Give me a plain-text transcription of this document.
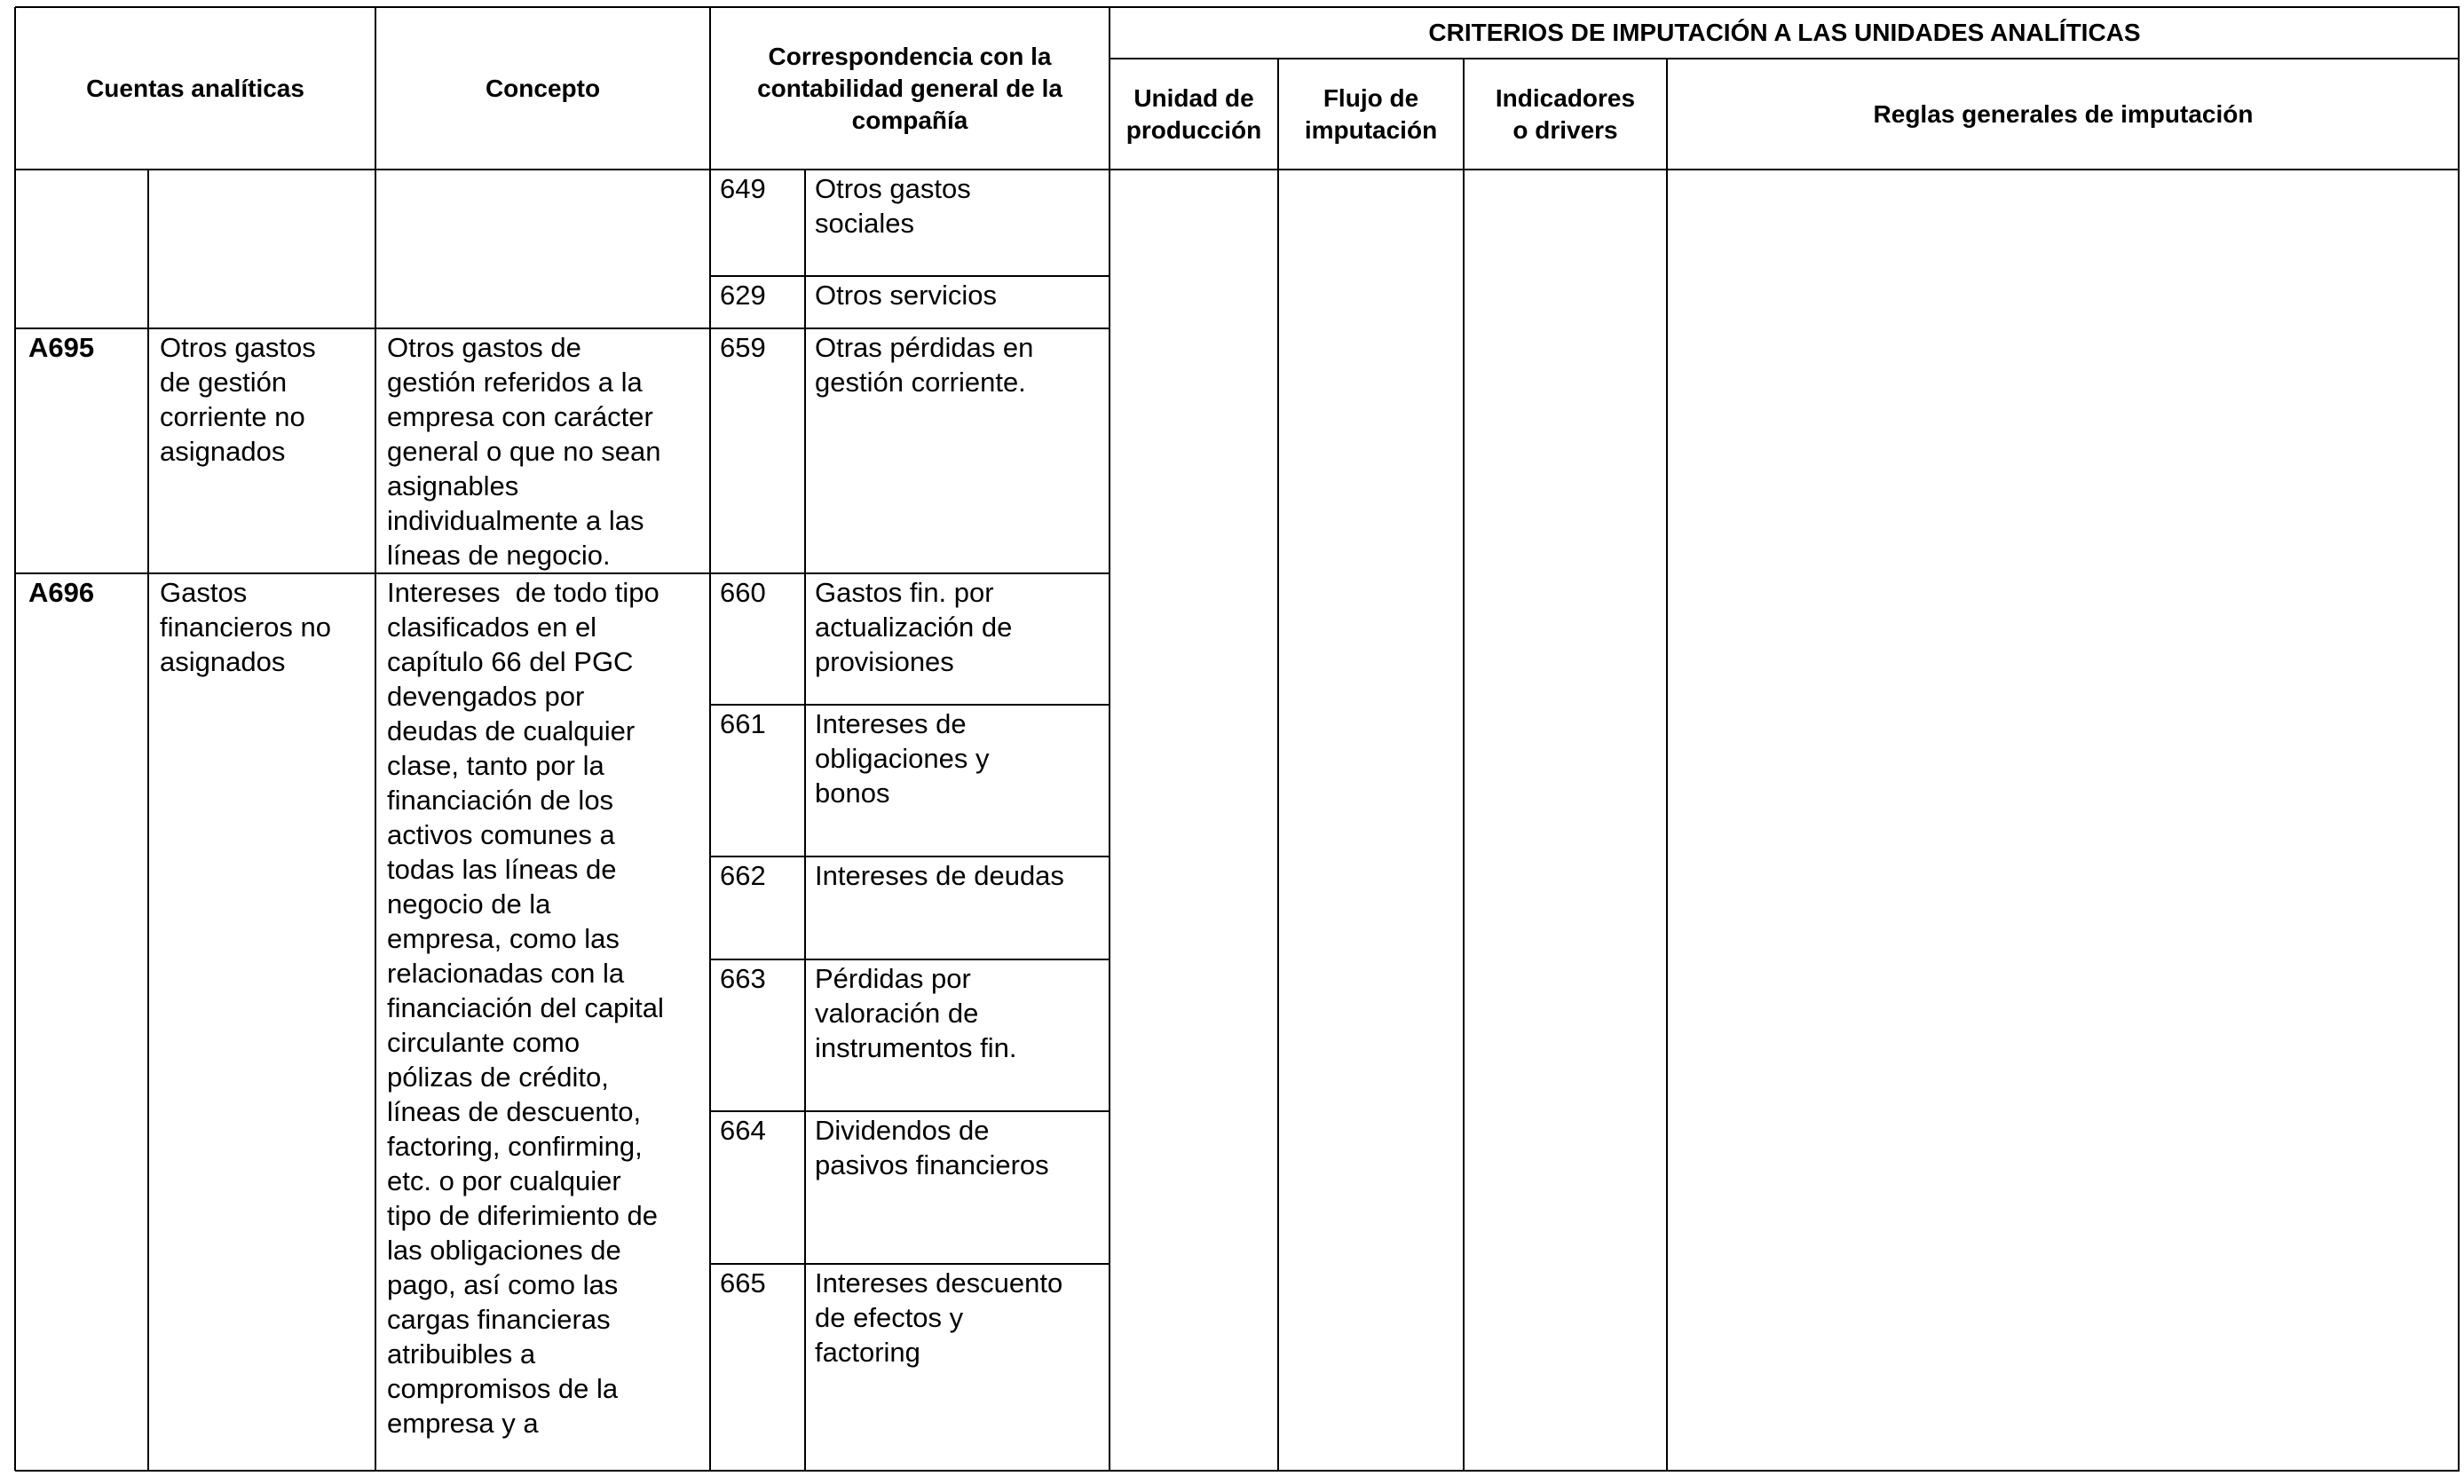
Cuentas analíticas	Concepto
Correspondencia con la
contabilidad general de la
compañía
CRITERIOS DE IMPUTACIÓN A LAS UNIDADES ANALÍTICAS
Unidad de
producción
Flujo de
imputación
Indicadores
o drivers
Reglas generales de imputación
649 Otros gastos
sociales
629 Otros servicios
A695 Otros gastos
de gestión
corriente no
asignados
Otros gastos de
gestión referidos a la
empresa con carácter
general o que no sean
asignables
individualmente a las
líneas de negocio.
659 Otras pérdidas en
gestión corriente.
A696 Gastos
financieros no
asignados
Intereses  de todo tipo
clasificados en el
capítulo 66 del PGC
devengados por
deudas de cualquier
clase, tanto por la
financiación de los
activos comunes a
todas las líneas de
negocio de la
empresa, como las
relacionadas con la
financiación del capital
circulante como
pólizas de crédito,
líneas de descuento,
factoring, confirming,
etc. o por cualquier
tipo de diferimiento de
las obligaciones de
pago, así como las
cargas financieras
atribuibles a
compromisos de la
empresa y a
660 Gastos fin. por
actualización de
provisiones
661 Intereses de
obligaciones y
bonos
662 Intereses de deudas
663 Pérdidas por
valoración de
instrumentos fin.
664 Dividendos de
pasivos financieros
665 Intereses descuento
de efectos y
factoring
